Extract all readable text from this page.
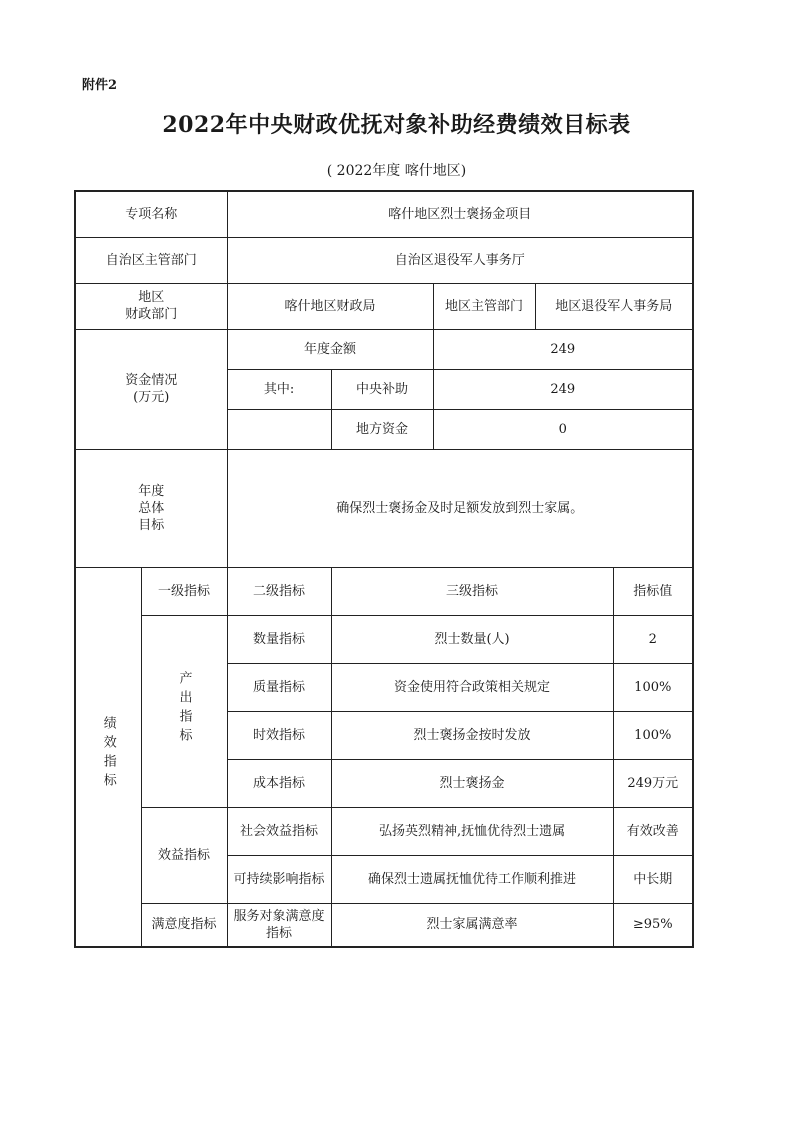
附件2
2022年中央财政优抚对象补助经费绩效目标表
( 2022年度 喀什地区)
专项名称		喀什地区烈士褒扬金项目				
自治区主管部门		自治区退役军人事务厅				

地区
财政部门		喀什地区财政局		地区主管部门	地区退役军人事务局	

资金情况
(万元)		年度金额		249		
		其中:	中央补助	249		
			地方资金	0		

年度
总体
目标		确保烈士褒扬金及时足额发放到烈士家属。				
绩效指标	一级指标	二级指标	三级指标			指标值
	产出指标	数量指标	烈士数量(人)			2
		质量指标	资金使用符合政策相关规定			100%
		时效指标	烈士褒扬金按时发放			100%
		成本指标	烈士褒扬金			249万元
	效益指标	社会效益指标	弘扬英烈精神,抚恤优待烈士遗属			有效改善
		可持续影响指标	确保烈士遗属抚恤优待工作顺利推进			中长期
	满意度指标	服务对象满意度指标	烈士家属满意率			≥95%
